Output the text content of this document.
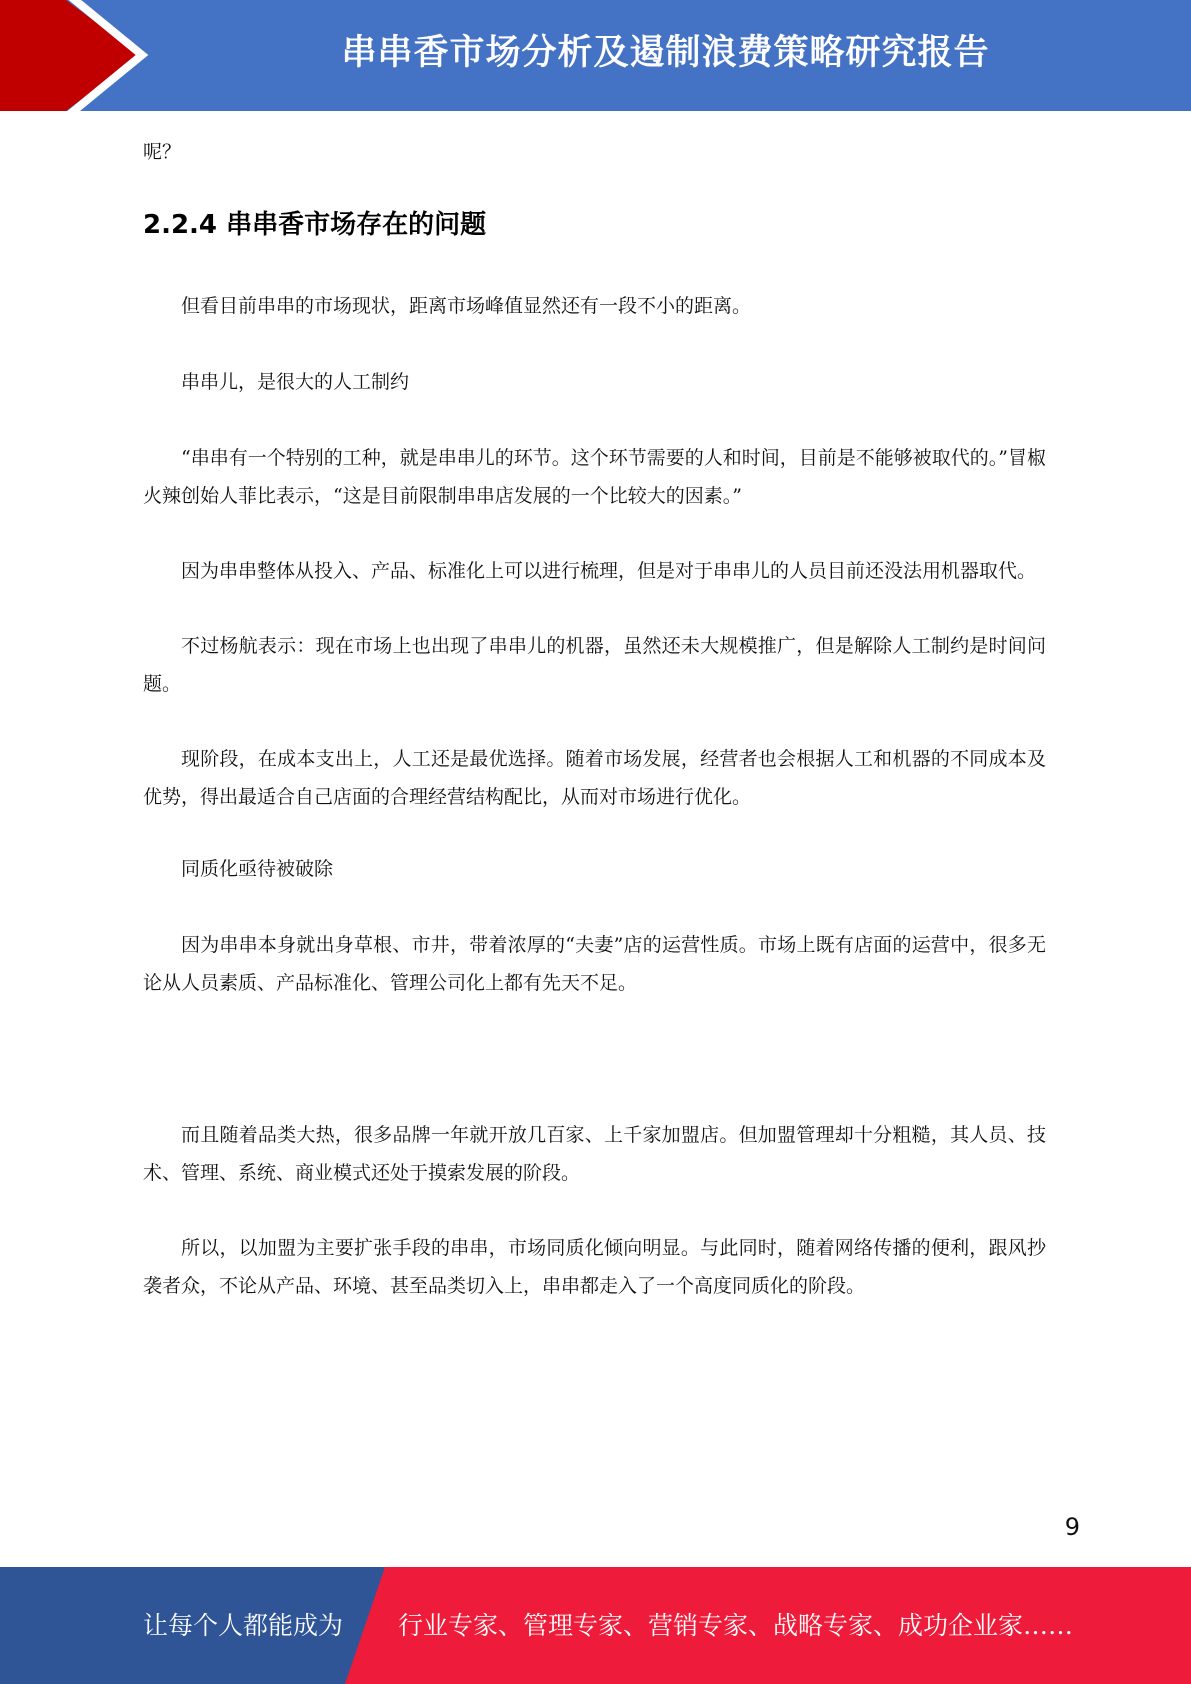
串串香市场分析及遏制浪费策略研究报告

呢？

2.2.4 串串香市场存在的问题

但看目前串串的市场现状，距离市场峰值显然还有一段不小的距离。

串串儿，是很大的人工制约

“串串有一个特别的工种，就是串串儿的环节。这个环节需要的人和时间，目前是不能够被取代的。”冒椒火辣创始人菲比表示，“这是目前限制串串店发展的一个比较大的因素。”

因为串串整体从投入、产品、标准化上可以进行梳理，但是对于串串儿的人员目前还没法用机器取代。

不过杨航表示：现在市场上也出现了串串儿的机器，虽然还未大规模推广，但是解除人工制约是时间问题。

现阶段，在成本支出上，人工还是最优选择。随着市场发展，经营者也会根据人工和机器的不同成本及优势，得出最适合自己店面的合理经营结构配比，从而对市场进行优化。

同质化亟待被破除

因为串串本身就出身草根、市井，带着浓厚的“夫妻”店的运营性质。市场上既有店面的运营中，很多无论从人员素质、产品标准化、管理公司化上都有先天不足。

而且随着品类大热，很多品牌一年就开放几百家、上千家加盟店。但加盟管理却十分粗糙，其人员、技术、管理、系统、商业模式还处于摸索发展的阶段。

所以，以加盟为主要扩张手段的串串，市场同质化倾向明显。与此同时，随着网络传播的便利，跟风抄袭者众，不论从产品、环境、甚至品类切入上，串串都走入了一个高度同质化的阶段。

9
让每个人都能成为 行业专家、管理专家、营销专家、战略专家、成功企业家……
